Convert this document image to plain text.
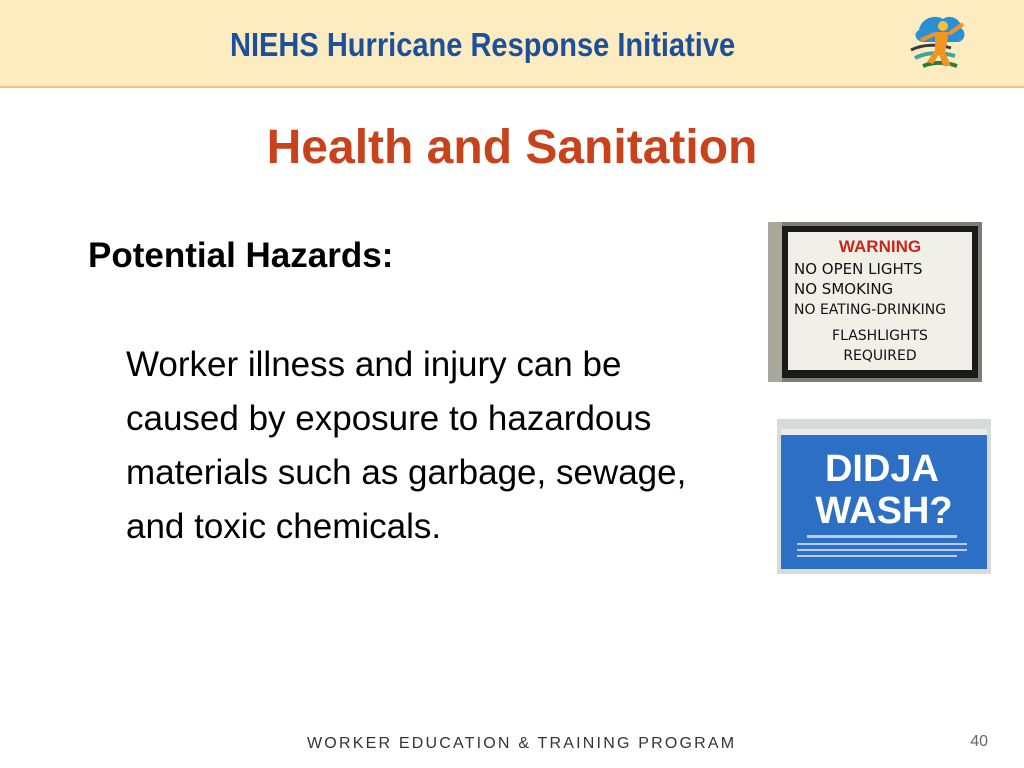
NIEHS Hurricane Response Initiative
Health and Sanitation
Potential Hazards:
Worker illness and injury can be caused by exposure to hazardous materials such as garbage, sewage, and toxic chemicals.
WARNING
NO OPEN LIGHTS
NO SMOKING
NO EATING-DRINKING
FLASHLIGHTS
REQUIRED
DIDJA
WASH?
WORKER EDUCATION & TRAINING PROGRAM	40
